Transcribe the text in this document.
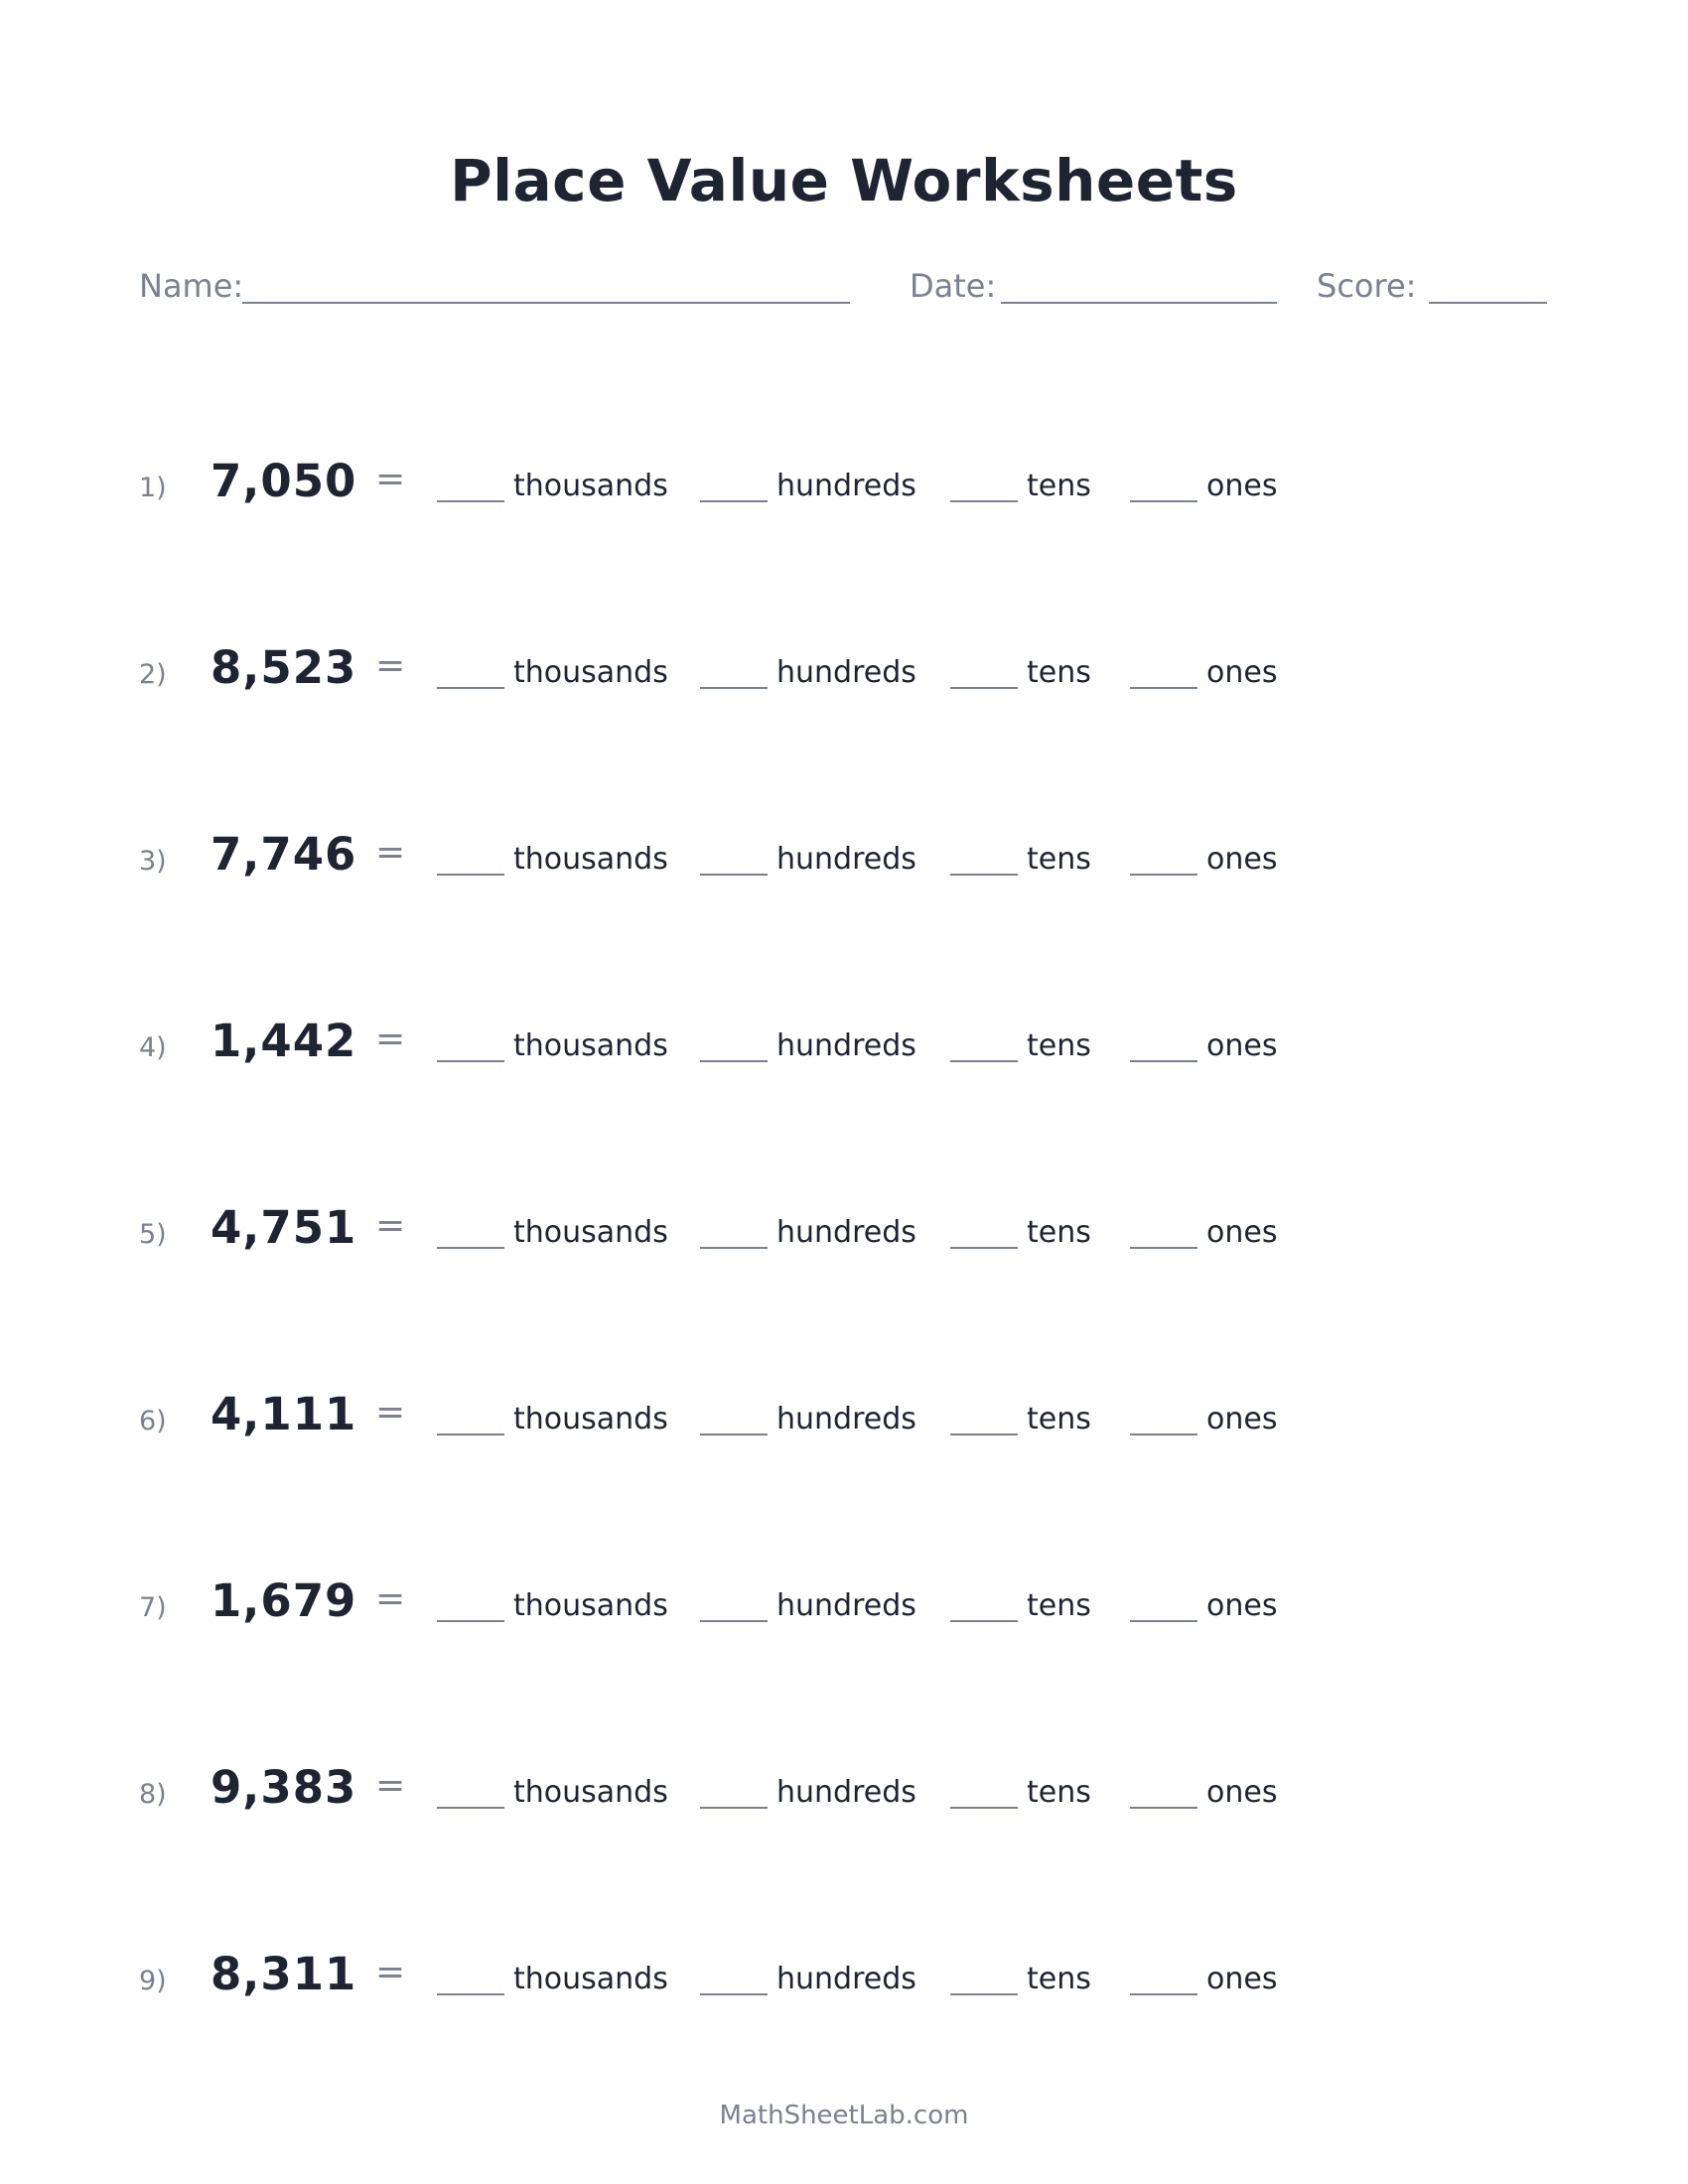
Place Value Worksheets
Name:	Date:	Score:
1) 7,050 =	thousands	hundreds	tens	ones
2) 8,523 =	thousands	hundreds	tens	ones
3) 7,746 =	thousands	hundreds	tens	ones
4) 1,442 =	thousands	hundreds	tens	ones
5) 4,751 =	thousands	hundreds	tens	ones
6) 4,111 =	thousands	hundreds	tens	ones
7) 1,679 =	thousands	hundreds	tens	ones
8) 9,383 =	thousands	hundreds	tens	ones
9) 8,311 =	thousands	hundreds	tens	ones
MathSheetLab.com
